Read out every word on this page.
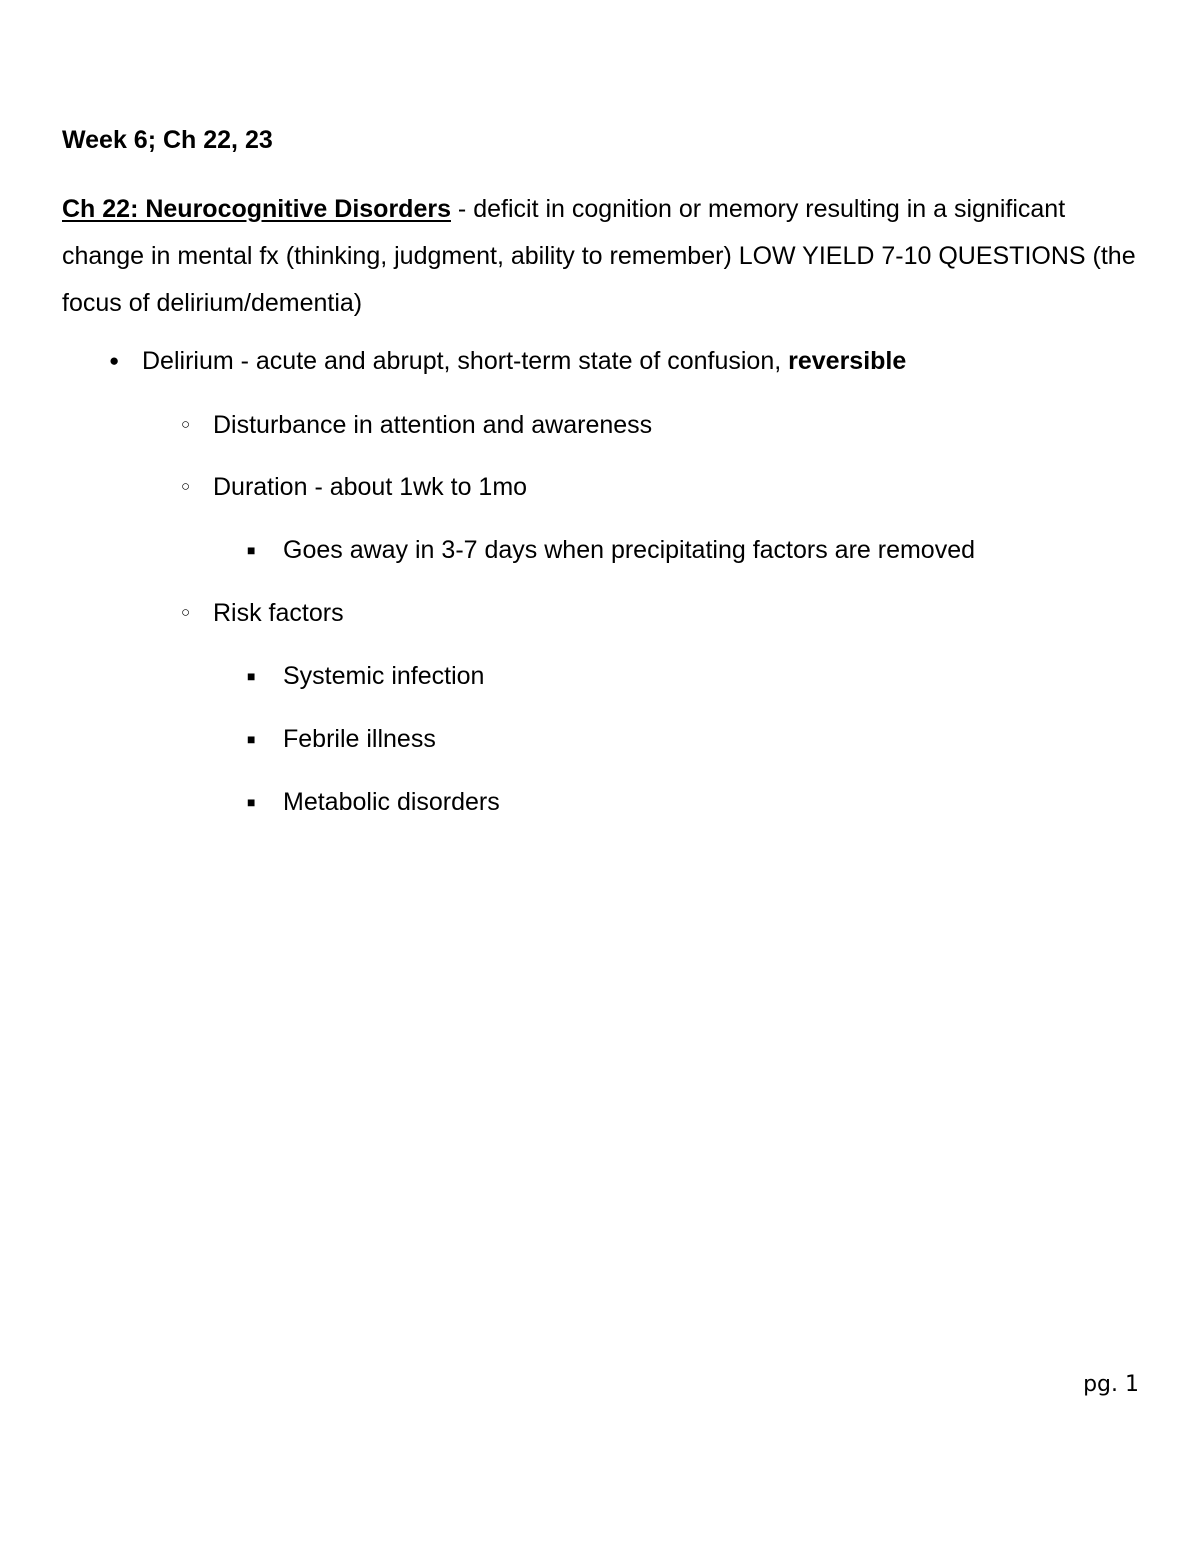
Week 6; Ch 22, 23
Ch 22: Neurocognitive Disorders - deficit in cognition or memory resulting in a significant change in mental fx (thinking, judgment, ability to remember) LOW YIELD 7-10 QUESTIONS (the focus of delirium/dementia)
● Delirium - acute and abrupt, short-term state of confusion, reversible
○ Disturbance in attention and awareness
○ Duration - about 1wk to 1mo
■ Goes away in 3-7 days when precipitating factors are removed
○ Risk factors
■ Systemic infection
■ Febrile illness
■ Metabolic disorders
pg. 1
